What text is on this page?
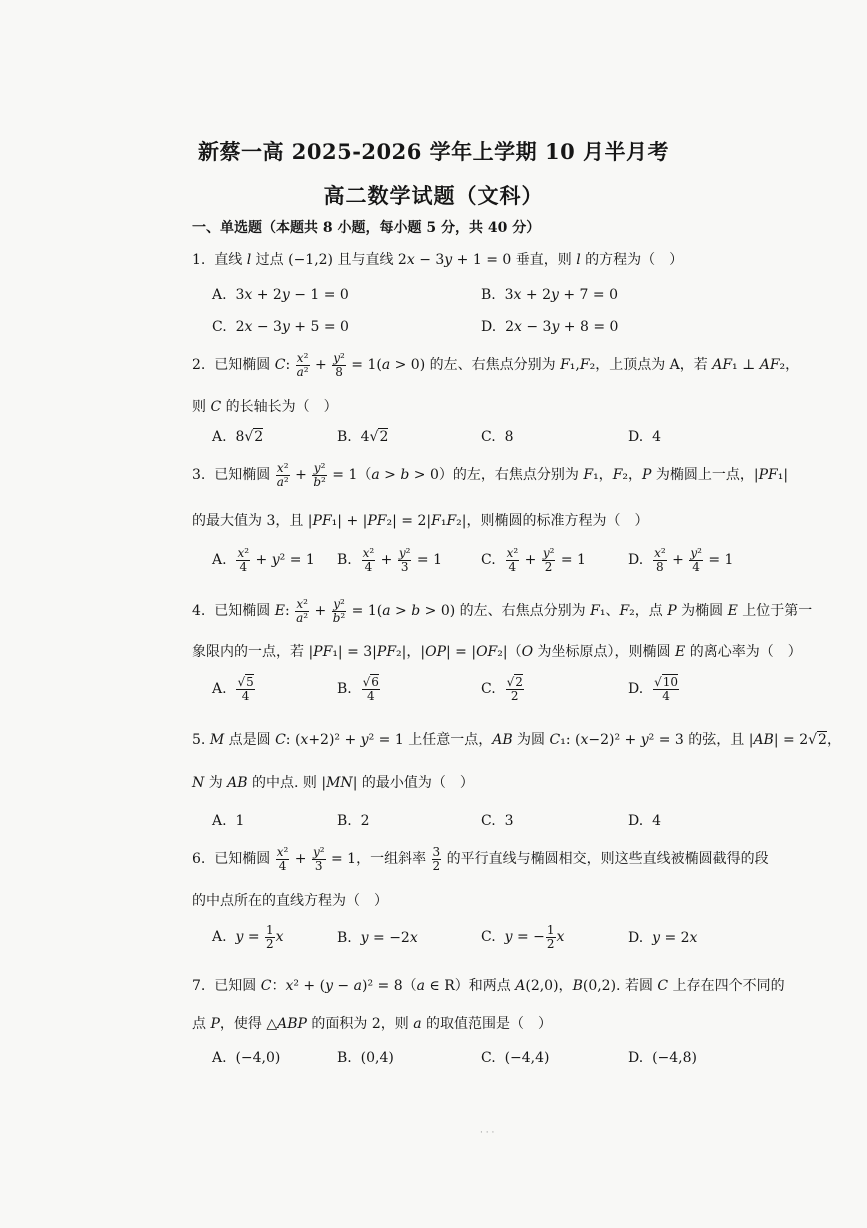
新蔡一高 2025-2026 学年上学期 10 月半月考
高二数学试题（文科）
一、单选题（本题共 8 小题，每小题 5 分，共 40 分）
1.  直线 l 过点 (−1,2) 且与直线 2x − 3y + 1 = 0 垂直，则 l 的方程为（　）
A.  3x + 2y − 1 = 0	B.  3x + 2y + 7 = 0
C.  2x − 3y + 5 = 0	D.  2x − 3y + 8 = 0
2.  已知椭圆 C: $\frac{\text{x²}}{\text{a²}} + \frac{\text{y²}}{8} = 1(a > 0)$ 的左、右焦点分别为 F₁,F₂，上顶点为 A，若 AF₁ ⊥ AF₂，
则 C 的长轴长为（　）
A.  8√2	B.  4√2	C.  8	D.  4
3.  已知椭圆 $\frac{\text{x²}}{\text{a²}} + \frac{\text{y²}}{\text{b²}} = 1(a > b > 0)$的左，右焦点分别为 F₁，F₂，P 为椭圆上一点，|PF₁|
的最大值为 3，且 |PF₁| + |PF₂| = 2|F₁F₂|，则椭圆的标准方程为（　）
A. $\frac{\text{x²}}{4} + y^2 = 1$ B. $\frac{\text{x²}}{4} + \frac{\text{y²}}{3} = 1$	C. $\frac{\text{x²}}{4} + \frac{\text{y²}}{2} = 1$	D. $\frac{\text{x²}}{8} + \frac{\text{y²}}{4} = 1$
4.  已知椭圆 E: $\frac{\text{x²}}{\text{a²}} + \frac{\text{y²}}{\text{b²}} = 1(a > b > 0)$ 的左、右焦点分别为 F₁、F₂，点 P 为椭圆 E 上位于第一
象限内的一点，若 |PF₁| = 3|PF₂|，|OP| = |OF₂|（O 为坐标原点），则椭圆 E 的离心率为（　）
A. $\frac{√5}{4}$	B. $\frac{√6}{4}$	C. $\frac{√2}{2}$	D. $\frac{√10}{4}$
5. M 点是圆 C: (x+2)² + y² = 1 上任意一点，AB 为圆 C₁: (x−2)² + y² = 3 的弦，且 |AB| = 2√2，
N 为 AB 的中点. 则 |MN| 的最小值为（　）
A.  1	B.  2	C.  3	D.  4
6.  已知椭圆 $\frac{\text{x²}}{4} + \frac{\text{y²}}{3} = 1$，一组斜率 $\frac{3}{2}$ 的平行直线与椭圆相交，则这些直线被椭圆截得的段
的中点所在的直线方程为（　）
A.  $y = \frac{1}{2}$ x	B.  y = −2x	C.  y = − $\frac{1}{2}$ x	D.  y = 2x
7.  已知圆 C：x² + (y − a)² = 8（a ∈ R）和两点 A(2,0)，B(0,2). 若圆 C 上存在四个不同的
点 P，使得 △ABP 的面积为 2，则 a 的取值范围是（　）
A.  (−4,0)	B.  (0,4)	C.  (−4,4)	D.  (−4,8)
· · ·
